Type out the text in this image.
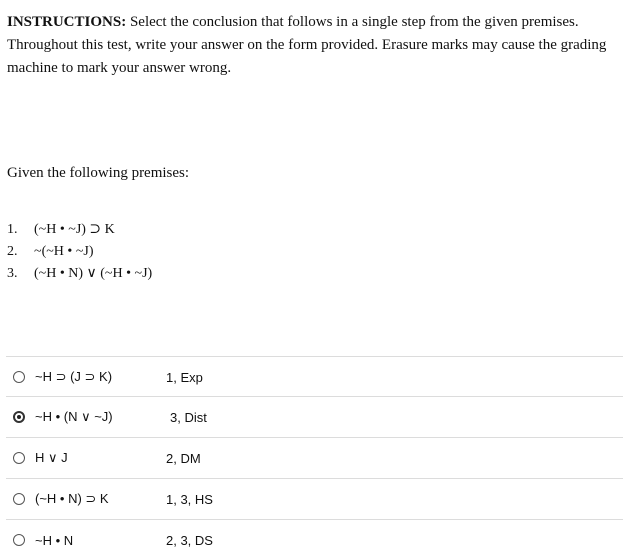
INSTRUCTIONS: Select the conclusion that follows in a single step from the given premises. Throughout this test, write your answer on the form provided. Erasure marks may cause the grading machine to mark your answer wrong.
Given the following premises:
1.	(~H • ~J) ⊃ K
2.	~(~H • ~J)
3.	(~H • N) ∨ (~H • ~J)
~H ⊃ (J ⊃ K)	1, Exp
~H • (N ∨ ~J)	3, Dist
H ∨ J	2, DM
(~H • N) ⊃ K	1, 3, HS
~H • N	2, 3, DS
